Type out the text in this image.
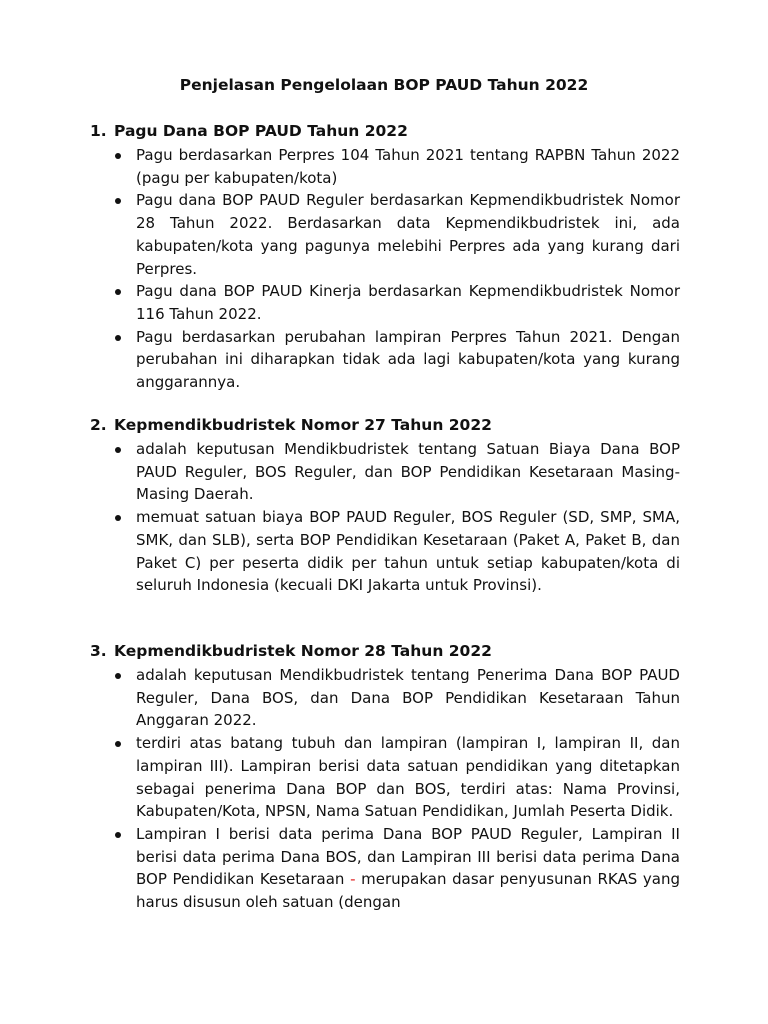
Penjelasan Pengelolaan BOP PAUD Tahun 2022
1. Pagu Dana BOP PAUD Tahun 2022
Pagu berdasarkan Perpres 104 Tahun 2021 tentang RAPBN Tahun 2022 (pagu per kabupaten/kota)
Pagu dana BOP PAUD Reguler berdasarkan Kepmendikbudristek Nomor 28 Tahun 2022. Berdasarkan data Kepmendikbudristek ini, ada kabupaten/kota yang pagunya melebihi Perpres ada yang kurang dari Perpres.
Pagu dana BOP PAUD Kinerja berdasarkan Kepmendikbudristek Nomor 116 Tahun 2022.
Pagu berdasarkan perubahan lampiran Perpres Tahun 2021. Dengan perubahan ini diharapkan tidak ada lagi kabupaten/kota yang kurang anggarannya.
2. Kepmendikbudristek Nomor 27 Tahun 2022
adalah keputusan Mendikbudristek tentang Satuan Biaya Dana BOP PAUD Reguler, BOS Reguler, dan BOP Pendidikan Kesetaraan Masing-Masing Daerah.
memuat satuan biaya BOP PAUD Reguler, BOS Reguler (SD, SMP, SMA, SMK, dan SLB), serta BOP Pendidikan Kesetaraan (Paket A, Paket B, dan Paket C) per peserta didik per tahun untuk setiap kabupaten/kota di seluruh Indonesia (kecuali DKI Jakarta untuk Provinsi).
3. Kepmendikbudristek Nomor 28 Tahun 2022
adalah keputusan Mendikbudristek tentang Penerima Dana BOP PAUD Reguler, Dana BOS, dan Dana BOP Pendidikan Kesetaraan Tahun Anggaran 2022.
terdiri atas batang tubuh dan lampiran (lampiran I, lampiran II, dan lampiran III). Lampiran berisi data satuan pendidikan yang ditetapkan sebagai penerima Dana BOP dan BOS, terdiri atas: Nama Provinsi, Kabupaten/Kota, NPSN, Nama Satuan Pendidikan, Jumlah Peserta Didik.
Lampiran I berisi data perima Dana BOP PAUD Reguler, Lampiran II berisi data perima Dana BOS, dan Lampiran III berisi data perima Dana BOP Pendidikan Kesetaraan - merupakan dasar penyusunan RKAS yang harus disusun oleh satuan (dengan
